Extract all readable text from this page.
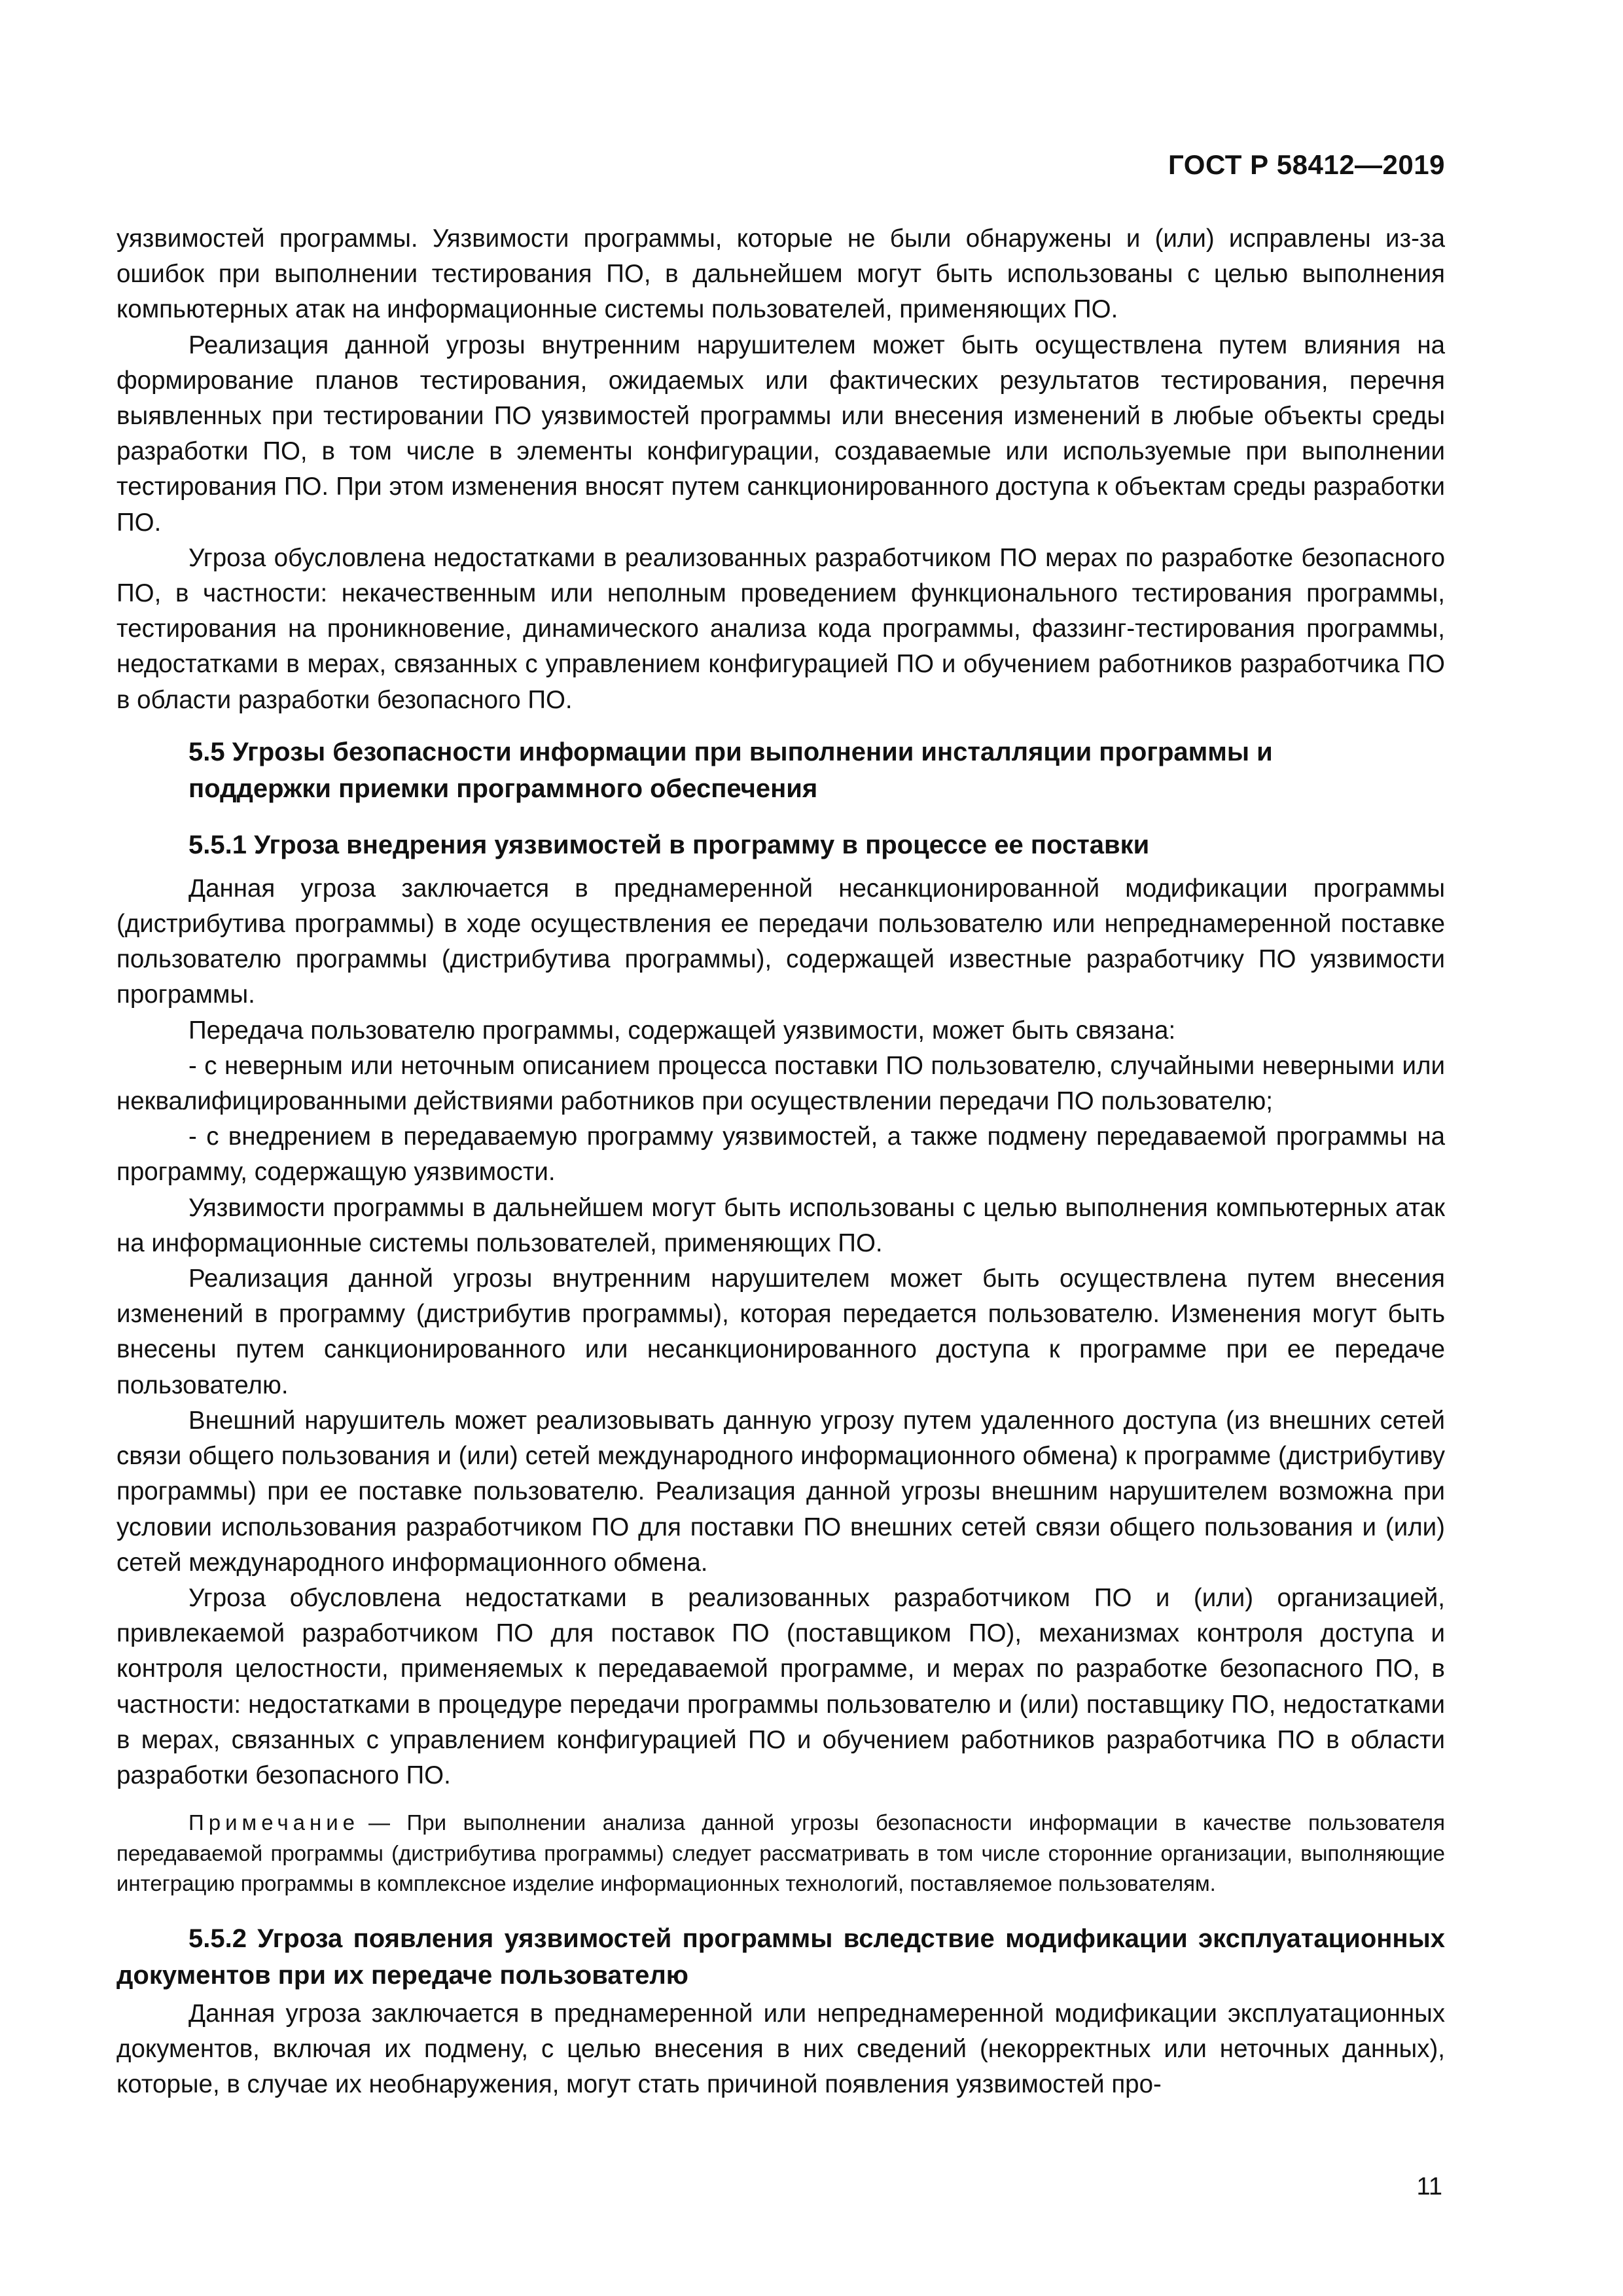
ГОСТ Р 58412—2019

уязвимостей программы. Уязвимости программы, которые не были обнаружены и (или) исправлены из-за ошибок при выполнении тестирования ПО, в дальнейшем могут быть использованы с целью выполнения компьютерных атак на информационные системы пользователей, применяющих ПО.

Реализация данной угрозы внутренним нарушителем может быть осуществлена путем влияния на формирование планов тестирования, ожидаемых или фактических результатов тестирования, перечня выявленных при тестировании ПО уязвимостей программы или внесения изменений в любые объекты среды разработки ПО, в том числе в элементы конфигурации, создаваемые или используемые при выполнении тестирования ПО. При этом изменения вносят путем санкционированного доступа к объектам среды разработки ПО.

Угроза обусловлена недостатками в реализованных разработчиком ПО мерах по разработке безопасного ПО, в частности: некачественным или неполным проведением функционального тестирования программы, тестирования на проникновение, динамического анализа кода программы, фаззинг-тестирования программы, недостатками в мерах, связанных с управлением конфигурацией ПО и обучением работников разработчика ПО в области разработки безопасного ПО.

5.5 Угрозы безопасности информации при выполнении инсталляции программы и поддержки приемки программного обеспечения
5.5.1 Угроза внедрения уязвимостей в программу в процессе ее поставки

Данная угроза заключается в преднамеренной несанкционированной модификации программы (дистрибутива программы) в ходе осуществления ее передачи пользователю или непреднамеренной поставке пользователю программы (дистрибутива программы), содержащей известные разработчику ПО уязвимости программы.

Передача пользователю программы, содержащей уязвимости, может быть связана:

- с неверным или неточным описанием процесса поставки ПО пользователю, случайными неверными или неквалифицированными действиями работников при осуществлении передачи ПО пользователю;

- с внедрением в передаваемую программу уязвимостей, а также подмену передаваемой программы на программу, содержащую уязвимости.

Уязвимости программы в дальнейшем могут быть использованы с целью выполнения компьютерных атак на информационные системы пользователей, применяющих ПО.

Реализация данной угрозы внутренним нарушителем может быть осуществлена путем внесения изменений в программу (дистрибутив программы), которая передается пользователю. Изменения могут быть внесены путем санкционированного или несанкционированного доступа к программе при ее передаче пользователю.

Внешний нарушитель может реализовывать данную угрозу путем удаленного доступа (из внешних сетей связи общего пользования и (или) сетей международного информационного обмена) к программе (дистрибутиву программы) при ее поставке пользователю. Реализация данной угрозы внешним нарушителем возможна при условии использования разработчиком ПО для поставки ПО внешних сетей связи общего пользования и (или) сетей международного информационного обмена.

Угроза обусловлена недостатками в реализованных разработчиком ПО и (или) организацией, привлекаемой разработчиком ПО для поставок ПО (поставщиком ПО), механизмах контроля доступа и контроля целостности, применяемых к передаваемой программе, и мерах по разработке безопасного ПО, в частности: недостатками в процедуре передачи программы пользователю и (или) поставщику ПО, недостатками в мерах, связанных с управлением конфигурацией ПО и обучением работников разработчика ПО в области разработки безопасного ПО.

Примечание — При выполнении анализа данной угрозы безопасности информации в качестве пользователя передаваемой программы (дистрибутива программы) следует рассматривать в том числе сторонние организации, выполняющие интеграцию программы в комплексное изделие информационных технологий, поставляемое пользователям.

5.5.2 Угроза появления уязвимостей программы вследствие модификации эксплуатационных документов при их передаче пользователю

Данная угроза заключается в преднамеренной или непреднамеренной модификации эксплуатационных документов, включая их подмену, с целью внесения в них сведений (некорректных или неточных данных), которые, в случае их необнаружения, могут стать причиной появления уязвимостей про-

11
